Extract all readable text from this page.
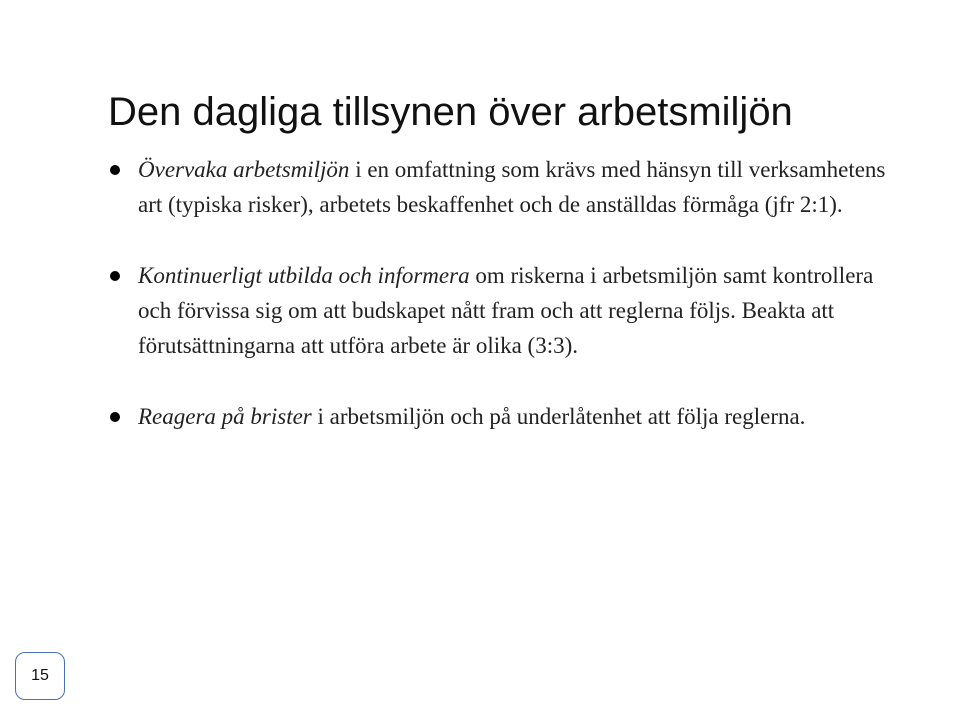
Den dagliga tillsynen över arbetsmiljön
Övervaka arbetsmiljön i en omfattning som krävs med hänsyn till verksamhetens art (typiska risker), arbetets beskaffenhet och de anställdas förmåga (jfr 2:1).
Kontinuerligt utbilda och informera om riskerna i arbetsmiljön samt kontrollera och förvissa sig om att budskapet nått fram och att reglerna följs. Beakta att förutsättningarna att utföra arbete är olika (3:3).
Reagera på brister i arbetsmiljön och på underlåtenhet att följa reglerna.
15
